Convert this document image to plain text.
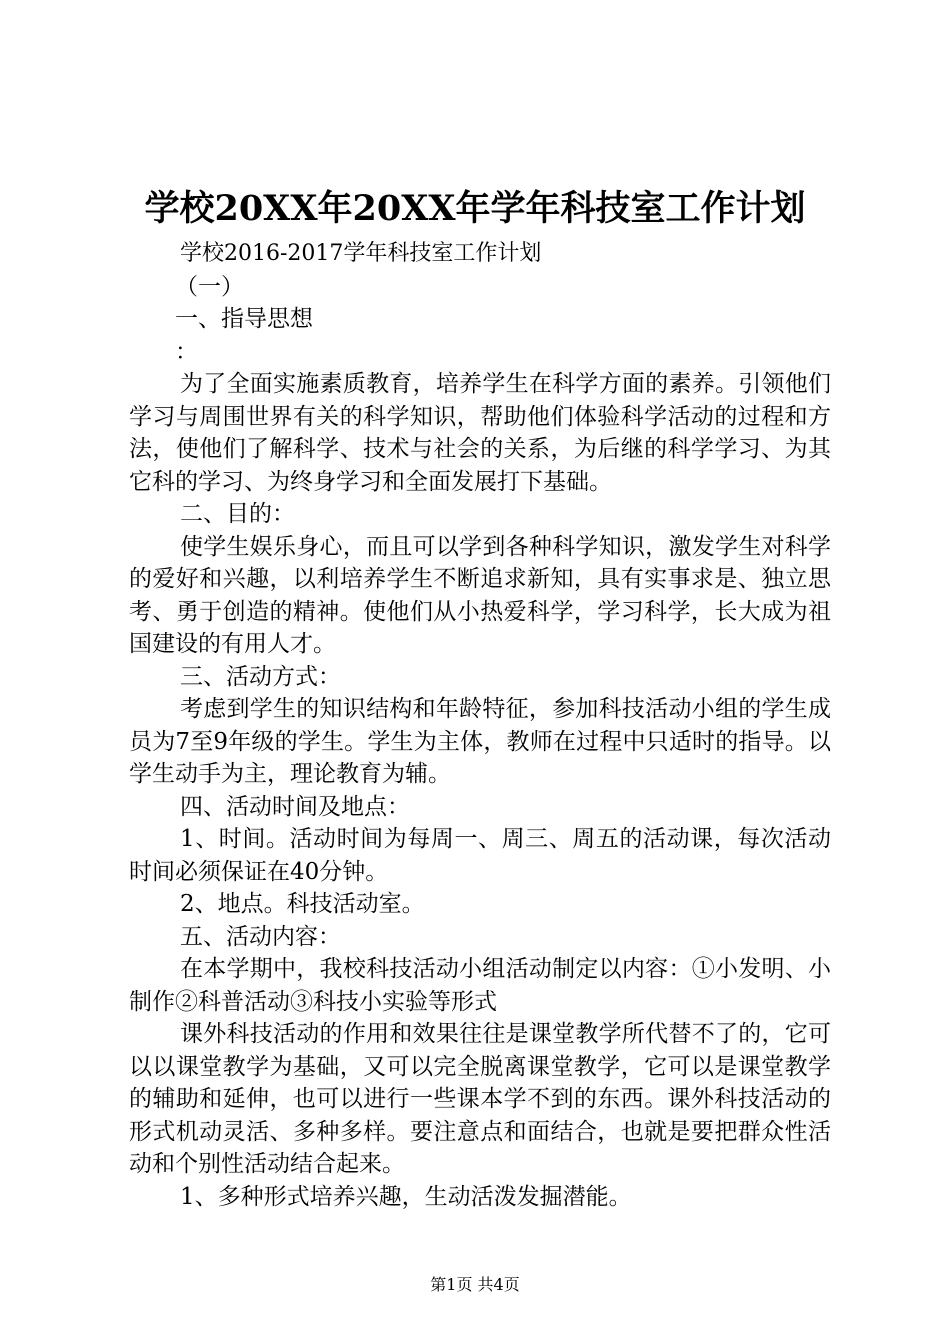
学校20XX年20XX年学年科技室工作计划

学校2016-2017学年科技室工作计划

（一）

一、指导思想

：

为了全面实施素质教育，培养学生在科学方面的素养。引领他们学习与周围世界有关的科学知识，帮助他们体验科学活动的过程和方法，使他们了解科学、技术与社会的关系，为后继的科学学习、为其它科的学习、为终身学习和全面发展打下基础。

二、目的：

使学生娱乐身心，而且可以学到各种科学知识，激发学生对科学的爱好和兴趣，以利培养学生不断追求新知，具有实事求是、独立思考、勇于创造的精神。使他们从小热爱科学，学习科学，长大成为祖国建设的有用人才。

三、活动方式：

考虑到学生的知识结构和年龄特征，参加科技活动小组的学生成员为7至9年级的学生。学生为主体，教师在过程中只适时的指导。以学生动手为主，理论教育为辅。

四、活动时间及地点：

1、时间。活动时间为每周一、周三、周五的活动课，每次活动时间必须保证在40分钟。

2、地点。科技活动室。

五、活动内容：

在本学期中，我校科技活动小组活动制定以内容：①小发明、小制作②科普活动③科技小实验等形式

课外科技活动的作用和效果往往是课堂教学所代替不了的，它可以以课堂教学为基础，又可以完全脱离课堂教学，它可以是课堂教学的辅助和延伸，也可以进行一些课本学不到的东西。课外科技活动的形式机动灵活、多种多样。要注意点和面结合，也就是要把群众性活动和个别性活动结合起来。

1、多种形式培养兴趣，生动活泼发掘潜能。

第1页 共4页
